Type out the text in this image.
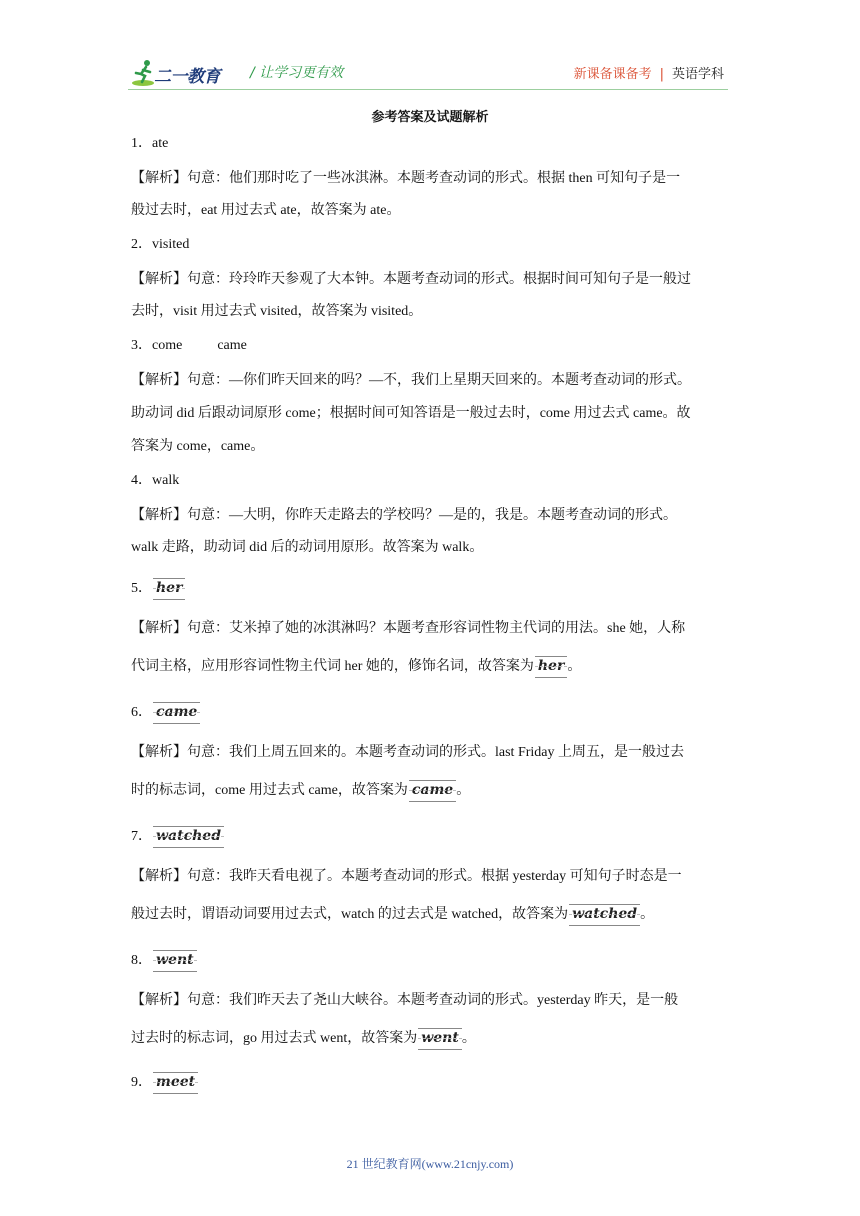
二一教育 / 让学习更有效	新课备课备考 | 英语学科
参考答案及试题解析
1．ate
【解析】句意：他们那时吃了一些冰淇淋。本题考查动词的形式。根据 then 可知句子是一
般过去时，eat 用过去式 ate，故答案为 ate。
2．visited
【解析】句意：玲玲昨天参观了大本钟。本题考查动词的形式。根据时间可知句子是一般过
去时，visit 用过去式 visited，故答案为 visited。
3．come          came
【解析】句意：—你们昨天回来的吗？—不，我们上星期天回来的。本题考查动词的形式。
助动词 did 后跟动词原形 come；根据时间可知答语是一般过去时，come 用过去式 came。故
答案为 come，came。
4．walk
【解析】句意：—大明，你昨天走路去的学校吗？—是的，我是。本题考查动词的形式。
walk 走路，助动词 did 后的动词用原形。故答案为 walk。
5． her
【解析】句意：艾米掉了她的冰淇淋吗？本题考查形容词性物主代词的用法。she 她，人称
代词主格，应用形容词性物主代词 her 她的，修饰名词，故答案为 her 。
6． came
【解析】句意：我们上周五回来的。本题考查动词的形式。last Friday 上周五，是一般过去
时的标志词，come 用过去式 came，故答案为 came 。
7． watched
【解析】句意：我昨天看电视了。本题考查动词的形式。根据 yesterday 可知句子时态是一
般过去时，谓语动词要用过去式，watch 的过去式是 watched，故答案为 watched 。
8． went
【解析】句意：我们昨天去了尧山大峡谷。本题考查动词的形式。yesterday 昨天，是一般
过去时的标志词，go 用过去式 went，故答案为 went 。
9． meet
21 世纪教育网(www.21cnjy.com)
